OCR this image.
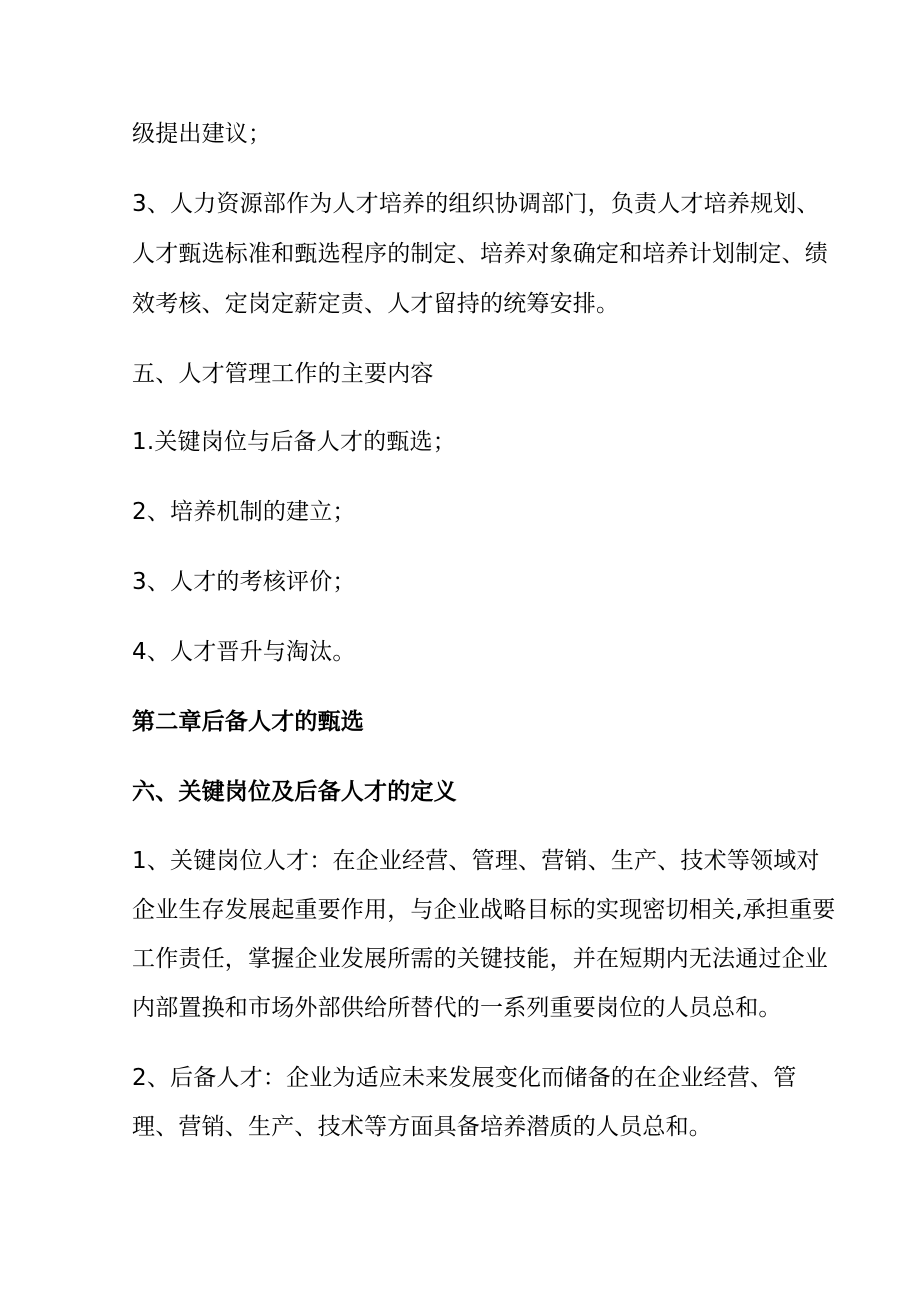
级提出建议；
3、人力资源部作为人才培养的组织协调部门，负责人才培养规划、
人才甄选标准和甄选程序的制定、培养对象确定和培养计划制定、绩
效考核、定岗定薪定责、人才留持的统筹安排。
五、人才管理工作的主要内容
1.关键岗位与后备人才的甄选；
2、培养机制的建立；
3、人才的考核评价；
4、人才晋升与淘汰。
第二章后备人才的甄选
六、关键岗位及后备人才的定义
1、关键岗位人才：在企业经营、管理、营销、生产、技术等领域对
企业生存发展起重要作用，与企业战略目标的实现密切相关,承担重要
工作责任，掌握企业发展所需的关键技能，并在短期内无法通过企业
内部置换和市场外部供给所替代的一系列重要岗位的人员总和。
2、后备人才：企业为适应未来发展变化而储备的在企业经营、管
理、营销、生产、技术等方面具备培养潜质的人员总和。
